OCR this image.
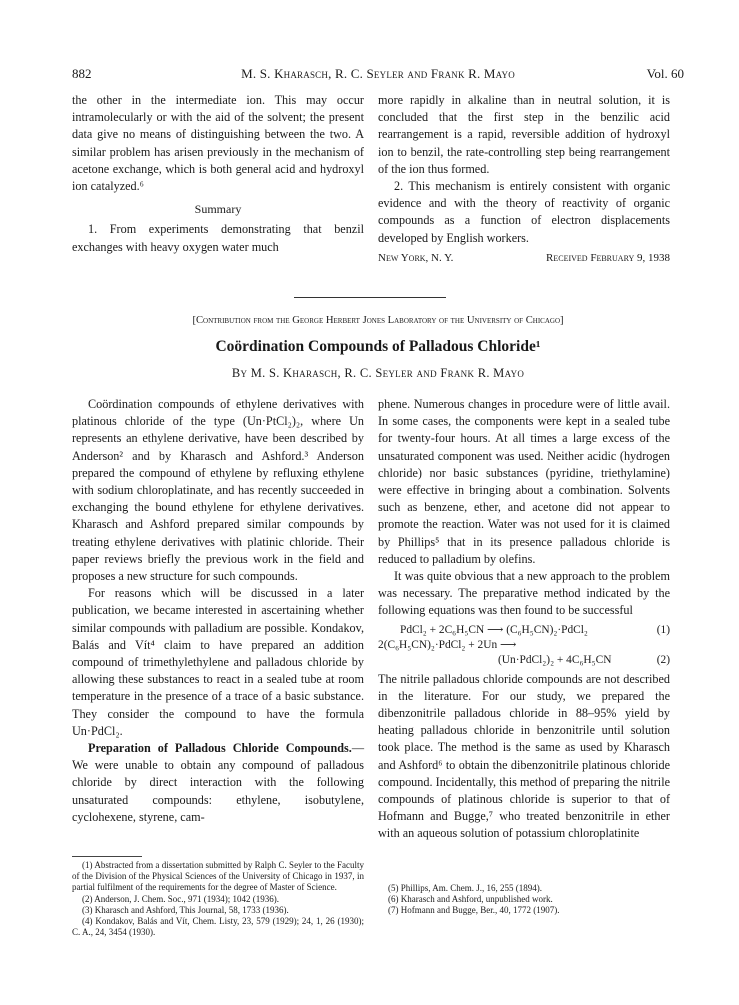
882	M. S. Kharasch, R. C. Seyler and Frank R. Mayo	Vol. 60

the other in the intermediate ion. This may occur intramolecularly or with the aid of the solvent; the present data give no means of distinguishing between the two. A similar problem has arisen previously in the mechanism of acetone exchange, which is both general acid and hydroxyl ion catalyzed.⁶

Summary

1. From experiments demonstrating that benzil exchanges with heavy oxygen water much

more rapidly in alkaline than in neutral solution, it is concluded that the first step in the benzilic acid rearrangement is a rapid, reversible addition of hydroxyl ion to benzil, the rate-controlling step being rearrangement of the ion thus formed.

2. This mechanism is entirely consistent with organic evidence and with the theory of reactivity of organic compounds as a function of electron displacements developed by English workers.

New York, N. Y.	Received February 9, 1938
[Contribution from the George Herbert Jones Laboratory of the University of Chicago]
Coördination Compounds of Palladous Chloride¹
By M. S. Kharasch, R. C. Seyler and Frank R. Mayo

Coördination compounds of ethylene derivatives with platinous chloride of the type (Un·PtCl₂)₂, where Un represents an ethylene derivative, have been described by Anderson² and by Kharasch and Ashford.³ Anderson prepared the compound of ethylene by refluxing ethylene with sodium chloroplatinate, and has recently succeeded in exchanging the bound ethylene for ethylene derivatives. Kharasch and Ashford prepared similar compounds by treating ethylene derivatives with platinic chloride. Their paper reviews briefly the previous work in the field and proposes a new structure for such compounds.

For reasons which will be discussed in a later publication, we became interested in ascertaining whether similar compounds with palladium are possible. Kondakov, Balás and Vít⁴ claim to have prepared an addition compound of trimethylethylene and palladous chloride by allowing these substances to react in a sealed tube at room temperature in the presence of a trace of a basic substance. They consider the compound to have the formula Un·PdCl₂.

Preparation of Palladous Chloride Compounds.—We were unable to obtain any compound of palladous chloride by direct interaction with the following unsaturated compounds: ethylene, isobutylene, cyclohexene, styrene, cam-

phene. Numerous changes in procedure were of little avail. In some cases, the components were kept in a sealed tube for twenty-four hours. At all times a large excess of the unsaturated component was used. Neither acidic (hydrogen chloride) nor basic substances (pyridine, triethylamine) were effective in bringing about a combination. Solvents such as benzene, ether, and acetone did not appear to promote the reaction. Water was not used for it is claimed by Phillips⁵ that in its presence palladous chloride is reduced to palladium by olefins.

It was quite obvious that a new approach to the problem was necessary. The preparative method indicated by the following equations was then found to be successful

PdCl₂ + 2C₆H₅CN ⟶ (C₆H₅CN)₂·PdCl₂	(1)
2(C₆H₅CN)₂·PdCl₂ + 2Un ⟶
(Un·PdCl₂)₂ + 4C₆H₅CN	(2)

The nitrile palladous chloride compounds are not described in the literature. For our study, we prepared the dibenzonitrile palladous chloride in 88–95% yield by heating palladous chloride in benzonitrile until solution took place. The method is the same as used by Kharasch and Ashford⁶ to obtain the dibenzonitrile platinous chloride compound. Incidentally, this method of preparing the nitrile compounds of platinous chloride is superior to that of Hofmann and Bugge,⁷ who treated benzonitrile in ether with an aqueous solution of potassium chloroplatinite

(1) Abstracted from a dissertation submitted by Ralph C. Seyler to the Faculty of the Division of the Physical Sciences of the University of Chicago in 1937, in partial fulfilment of the requirements for the degree of Master of Science.
(2) Anderson, J. Chem. Soc., 971 (1934); 1042 (1936).
(3) Kharasch and Ashford, This Journal, 58, 1733 (1936).
(4) Kondakov, Balás and Vít, Chem. Listy, 23, 579 (1929); 24, 1, 26 (1930); C. A., 24, 3454 (1930).
(5) Phillips, Am. Chem. J., 16, 255 (1894).
(6) Kharasch and Ashford, unpublished work.
(7) Hofmann and Bugge, Ber., 40, 1772 (1907).
